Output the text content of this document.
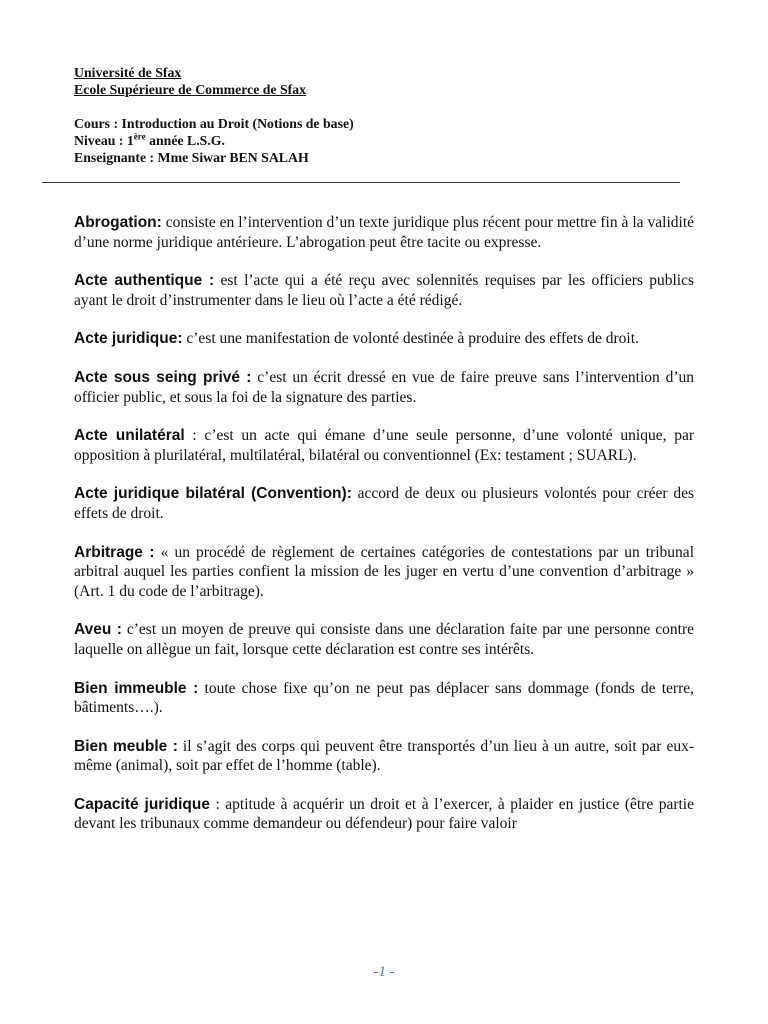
Université de Sfax
Ecole Supérieure de Commerce de Sfax
Cours : Introduction au Droit (Notions de base)
Niveau : 1ère année L.S.G.
Enseignante : Mme Siwar BEN SALAH

Abrogation: consiste en l’intervention d’un texte juridique plus récent pour mettre fin à la validité d’une norme juridique antérieure. L’abrogation peut être tacite ou expresse.

Acte authentique : est l’acte qui a été reçu avec solennités requises par les officiers publics ayant le droit d’instrumenter dans le lieu où l’acte a été rédigé.

Acte juridique: c’est une manifestation de volonté destinée à produire des effets de droit.

Acte sous seing privé : c’est un écrit dressé en vue de faire preuve sans l’intervention d’un officier public, et sous la foi de la signature des parties.

Acte unilatéral : c’est un acte qui émane d’une seule personne, d’une volonté unique, par opposition à plurilatéral, multilatéral, bilatéral ou conventionnel (Ex: testament ; SUARL).

Acte juridique bilatéral (Convention): accord de deux ou plusieurs volontés pour créer des effets de droit.

Arbitrage : « un procédé de règlement de certaines catégories de contestations par un tribunal arbitral auquel les parties confient la mission de les juger en vertu d’une convention d’arbitrage » (Art. 1 du code de l’arbitrage).

Aveu : c’est un moyen de preuve qui consiste dans une déclaration faite par une personne contre laquelle on allègue un fait, lorsque cette déclaration est contre ses intérêts.

Bien immeuble : toute chose fixe qu’on ne peut pas déplacer sans dommage (fonds de terre, bâtiments….).

Bien meuble : il s’agit des corps qui peuvent être transportés d’un lieu à un autre, soit par eux- même (animal), soit par effet de l’homme (table).

Capacité juridique : aptitude à acquérir un droit et à l’exercer, à plaider en justice (être partie devant les tribunaux comme demandeur ou défendeur) pour faire valoir

-1 -
